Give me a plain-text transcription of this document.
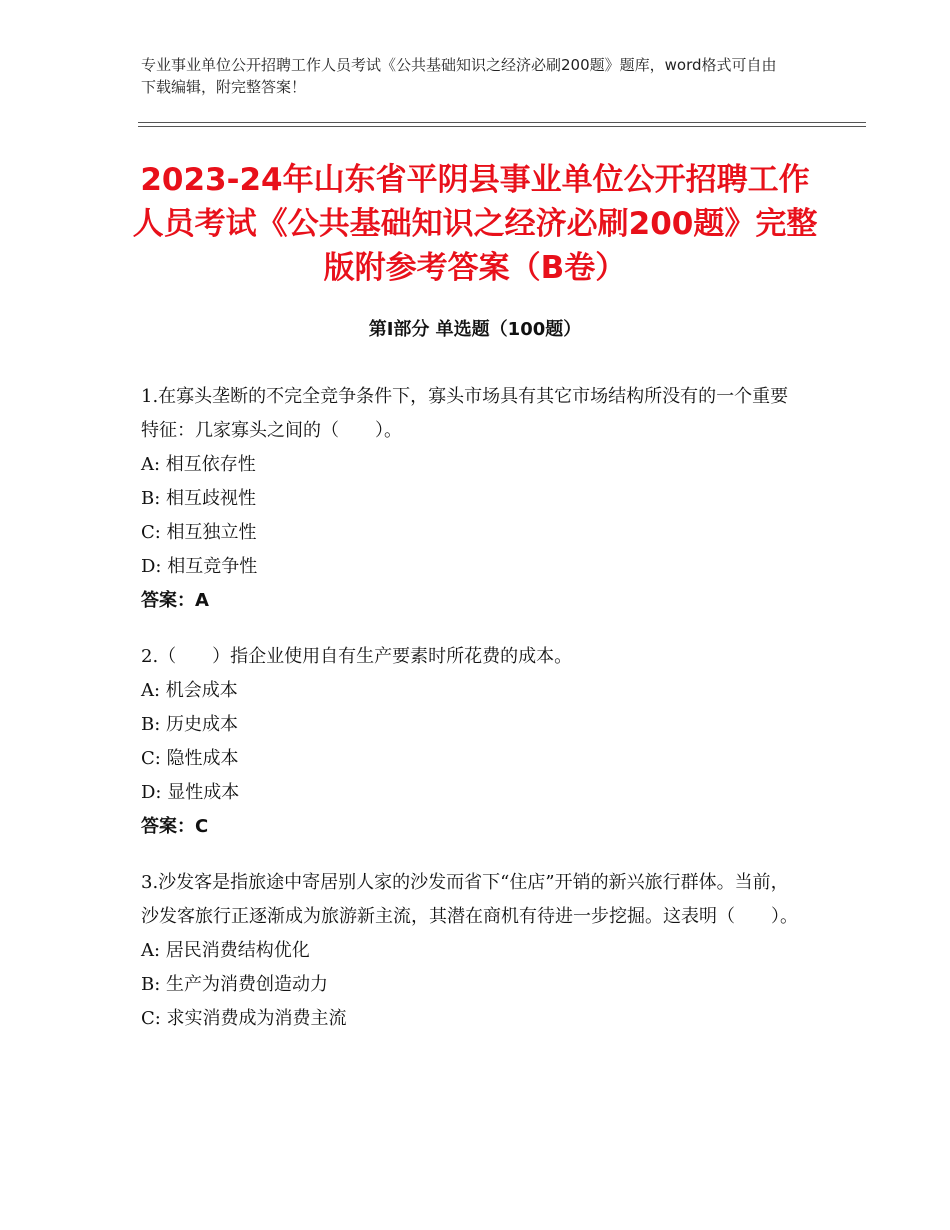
专业事业单位公开招聘工作人员考试《公共基础知识之经济必刷200题》题库，word格式可自由下载编辑，附完整答案！
2023-24年山东省平阴县事业单位公开招聘工作人员考试《公共基础知识之经济必刷200题》完整版附参考答案（B卷）
第Ⅰ部分 单选题（100题）
1.在寡头垄断的不完全竞争条件下，寡头市场具有其它市场结构所没有的一个重要特征：几家寡头之间的（　　）。
A: 相互依存性
B: 相互歧视性
C: 相互独立性
D: 相互竞争性
答案：A
2.（　　）指企业使用自有生产要素时所花费的成本。
A: 机会成本
B: 历史成本
C: 隐性成本
D: 显性成本
答案：C
3.沙发客是指旅途中寄居别人家的沙发而省下“住店”开销的新兴旅行群体。当前，沙发客旅行正逐渐成为旅游新主流，其潜在商机有待进一步挖掘。这表明（　　）。
A: 居民消费结构优化
B: 生产为消费创造动力
C: 求实消费成为消费主流
